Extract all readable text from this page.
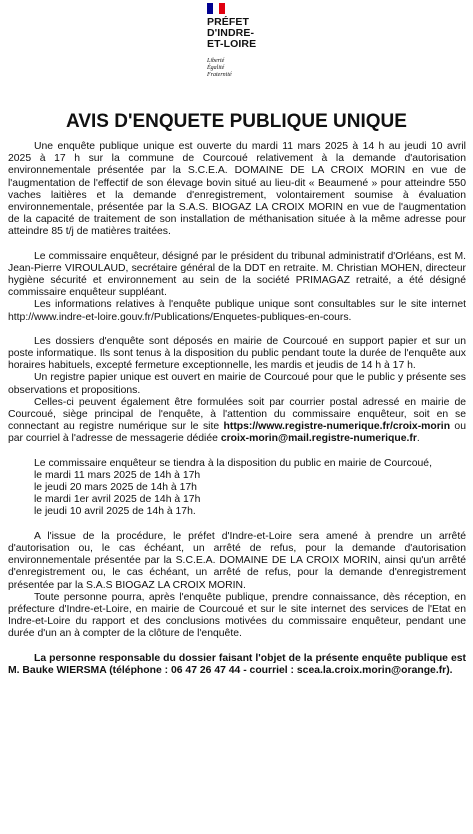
PRÉFET
D'INDRE-
ET-LOIRE
Liberté
Égalité
Fraternité
AVIS D'ENQUETE PUBLIQUE UNIQUE

Une enquête publique unique est ouverte du mardi 11 mars 2025 à 14 h au jeudi 10 avril 2025 à 17 h sur la commune de Courcoué relativement à la demande d'autorisation environnementale présentée par la S.C.E.A. DOMAINE DE LA CROIX MORIN en vue de l'augmentation de l'effectif de son élevage bovin situé au lieu-dit « Beaumené » pour atteindre 550 vaches laitières et la demande d'enregistrement, volontairement soumise à évaluation environnementale, présentée par la S.A.S. BIOGAZ LA CROIX MORIN en vue de l'augmentation de la capacité de traitement de son installation de méthanisation située à la même adresse pour atteindre 85 t/j de matières traitées.

Le commissaire enquêteur, désigné par le président du tribunal administratif d'Orléans, est M. Jean-Pierre VIROULAUD, secrétaire général de la DDT en retraite. M. Christian MOHEN, directeur hygiène sécurité et environnement au sein de la société PRIMAGAZ retraité, a été désigné commissaire enquêteur suppléant.

Les informations relatives à l'enquête publique unique sont consultables sur le site internet http://www.indre-et-loire.gouv.fr/Publications/Enquetes-publiques-en-cours.

Les dossiers d'enquête sont déposés en mairie de Courcoué en support papier et sur un poste informatique. Ils sont tenus à la disposition du public pendant toute la durée de l'enquête aux horaires habituels, excepté fermeture exceptionnelle, les mardis et jeudis de 14 h à 17 h.

Un registre papier unique est ouvert en mairie de Courcoué pour que le public y présente ses observations et propositions.

Celles-ci peuvent également être formulées soit par courrier postal adressé en mairie de Courcoué, siège principal de l'enquête, à l'attention du commissaire enquêteur, soit en se connectant au registre numérique sur le site https://www.registre-numerique.fr/croix-morin ou par courriel à l'adresse de messagerie dédiée croix-morin@mail.registre-numerique.fr.

Le commissaire enquêteur se tiendra à la disposition du public en mairie de Courcoué,

le mardi 11 mars 2025 de 14h à 17h
le jeudi 20 mars 2025 de 14h à 17h
le mardi 1er avril 2025 de 14h à 17h
le jeudi 10 avril 2025 de 14h à 17h.

A l'issue de la procédure, le préfet d'Indre-et-Loire sera amené à prendre un arrêté d'autorisation ou, le cas échéant, un arrêté de refus, pour la demande d'autorisation environnementale présentée par la S.C.E.A. DOMAINE DE LA CROIX MORIN, ainsi qu'un arrêté d'enregistrement ou, le cas échéant, un arrêté de refus, pour la demande d'enregistrement présentée par la S.A.S BIOGAZ LA CROIX MORIN.

Toute personne pourra, après l'enquête publique, prendre connaissance, dès réception, en préfecture d'Indre-et-Loire, en mairie de Courcoué et sur le site internet des services de l'Etat en Indre-et-Loire du rapport et des conclusions motivées du commissaire enquêteur, pendant une durée d'un an à compter de la clôture de l'enquête.

La personne responsable du dossier faisant l'objet de la présente enquête publique est M. Bauke WIERSMA (téléphone : 06 47 26 47 44 - courriel : scea.la.croix.morin@orange.fr).
